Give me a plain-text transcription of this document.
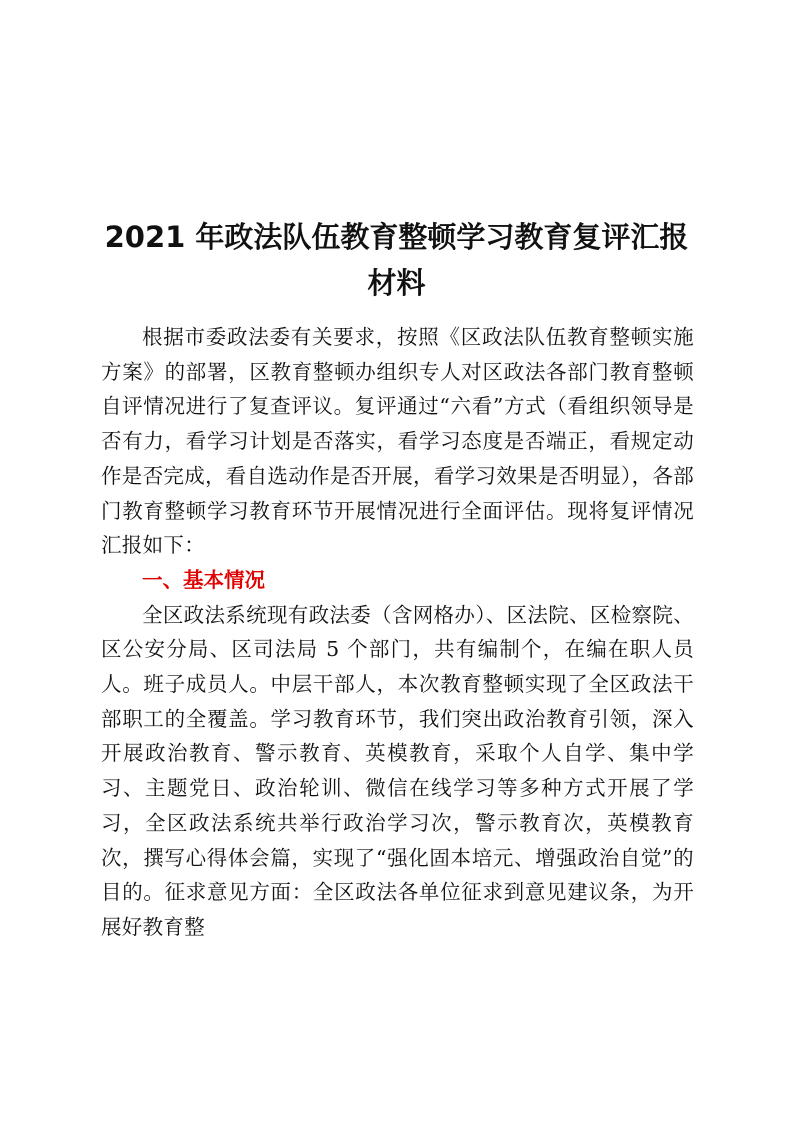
2021 年政法队伍教育整顿学习教育复评汇报
材料

根据市委政法委有关要求，按照《区政法队伍教育整顿实施方案》的部署，区教育整顿办组织专人对区政法各部门教育整顿自评情况进行了复查评议。复评通过“六看”方式（看组织领导是否有力，看学习计划是否落实，看学习态度是否端正，看规定动作是否完成，看自选动作是否开展，看学习效果是否明显），各部门教育整顿学习教育环节开展情况进行全面评估。现将复评情况汇报如下：

一、基本情况

全区政法系统现有政法委（含网格办）、区法院、区检察院、区公安分局、区司法局 5 个部门，共有编制个，在编在职人员人。班子成员人。中层干部人，本次教育整顿实现了全区政法干部职工的全覆盖。学习教育环节，我们突出政治教育引领，深入开展政治教育、警示教育、英模教育，采取个人自学、集中学习、主题党日、政治轮训、微信在线学习等多种方式开展了学习，全区政法系统共举行政治学习次，警示教育次，英模教育次，撰写心得体会篇，实现了“强化固本培元、增强政治自觉”的目的。征求意见方面：全区政法各单位征求到意见建议条，为开展好教育整
